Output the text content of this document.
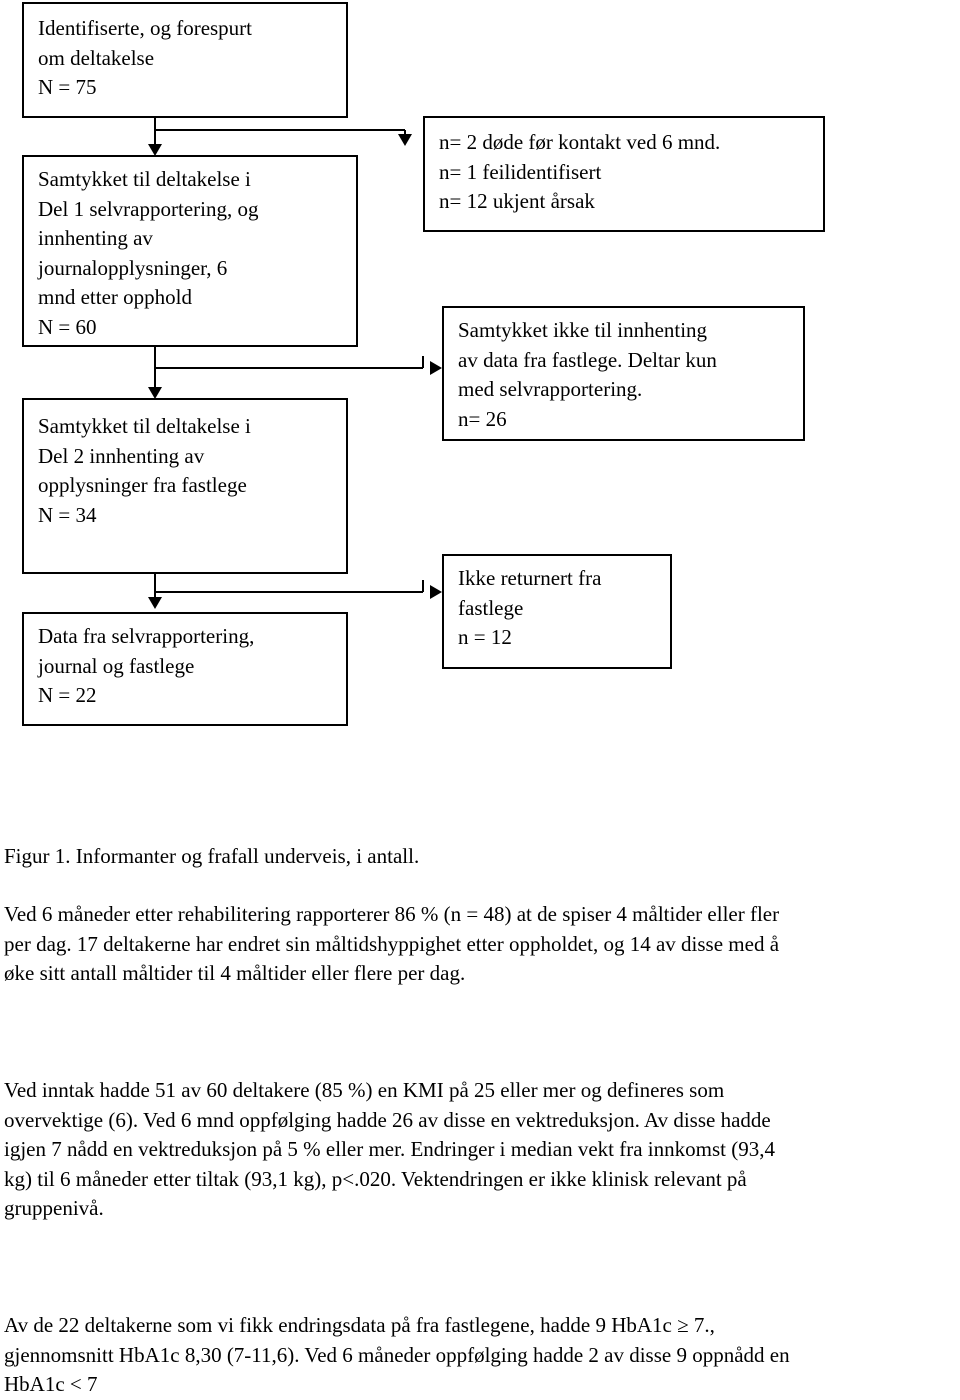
Identifiserte, og forespurt
om deltakelse
N = 75
Samtykket til deltakelse i
Del 1 selvrapportering, og
innhenting av
journalopplysninger, 6
mnd etter opphold
N = 60
Samtykket til deltakelse i
Del 2 innhenting av
opplysninger fra fastlege
N = 34
Data fra selvrapportering,
journal og fastlege
N = 22
n= 2 døde før kontakt ved 6 mnd.
n= 1 feilidentifisert
n= 12 ukjent årsak
Samtykket ikke til innhenting
av data fra fastlege. Deltar kun
med selvrapportering.
n= 26
Ikke returnert fra
fastlege
n = 12
Figur 1. Informanter og frafall underveis, i antall.
Ved 6 måneder etter rehabilitering rapporterer 86 % (n = 48) at de spiser 4 måltider eller fler
per dag. 17 deltakerne har endret sin måltidshyppighet etter oppholdet, og 14 av disse med å
øke sitt antall måltider til 4 måltider eller flere per dag.
Ved inntak hadde 51 av 60 deltakere (85 %) en KMI på 25 eller mer og defineres som
overvektige (6). Ved 6 mnd oppfølging hadde 26 av disse en vektreduksjon. Av disse hadde
igjen 7 nådd en vektreduksjon på 5 % eller mer. Endringer i median vekt fra innkomst (93,4
kg) til 6 måneder etter tiltak (93,1 kg), p<.020. Vektendringen er ikke klinisk relevant på
gruppenivå.
Av de 22 deltakerne som vi fikk endringsdata på fra fastlegene, hadde 9 HbA1c ≥ 7.,
gjennomsnitt HbA1c 8,30 (7-11,6). Ved 6 måneder oppfølging hadde 2 av disse 9 oppnådd en
HbA1c < 7
